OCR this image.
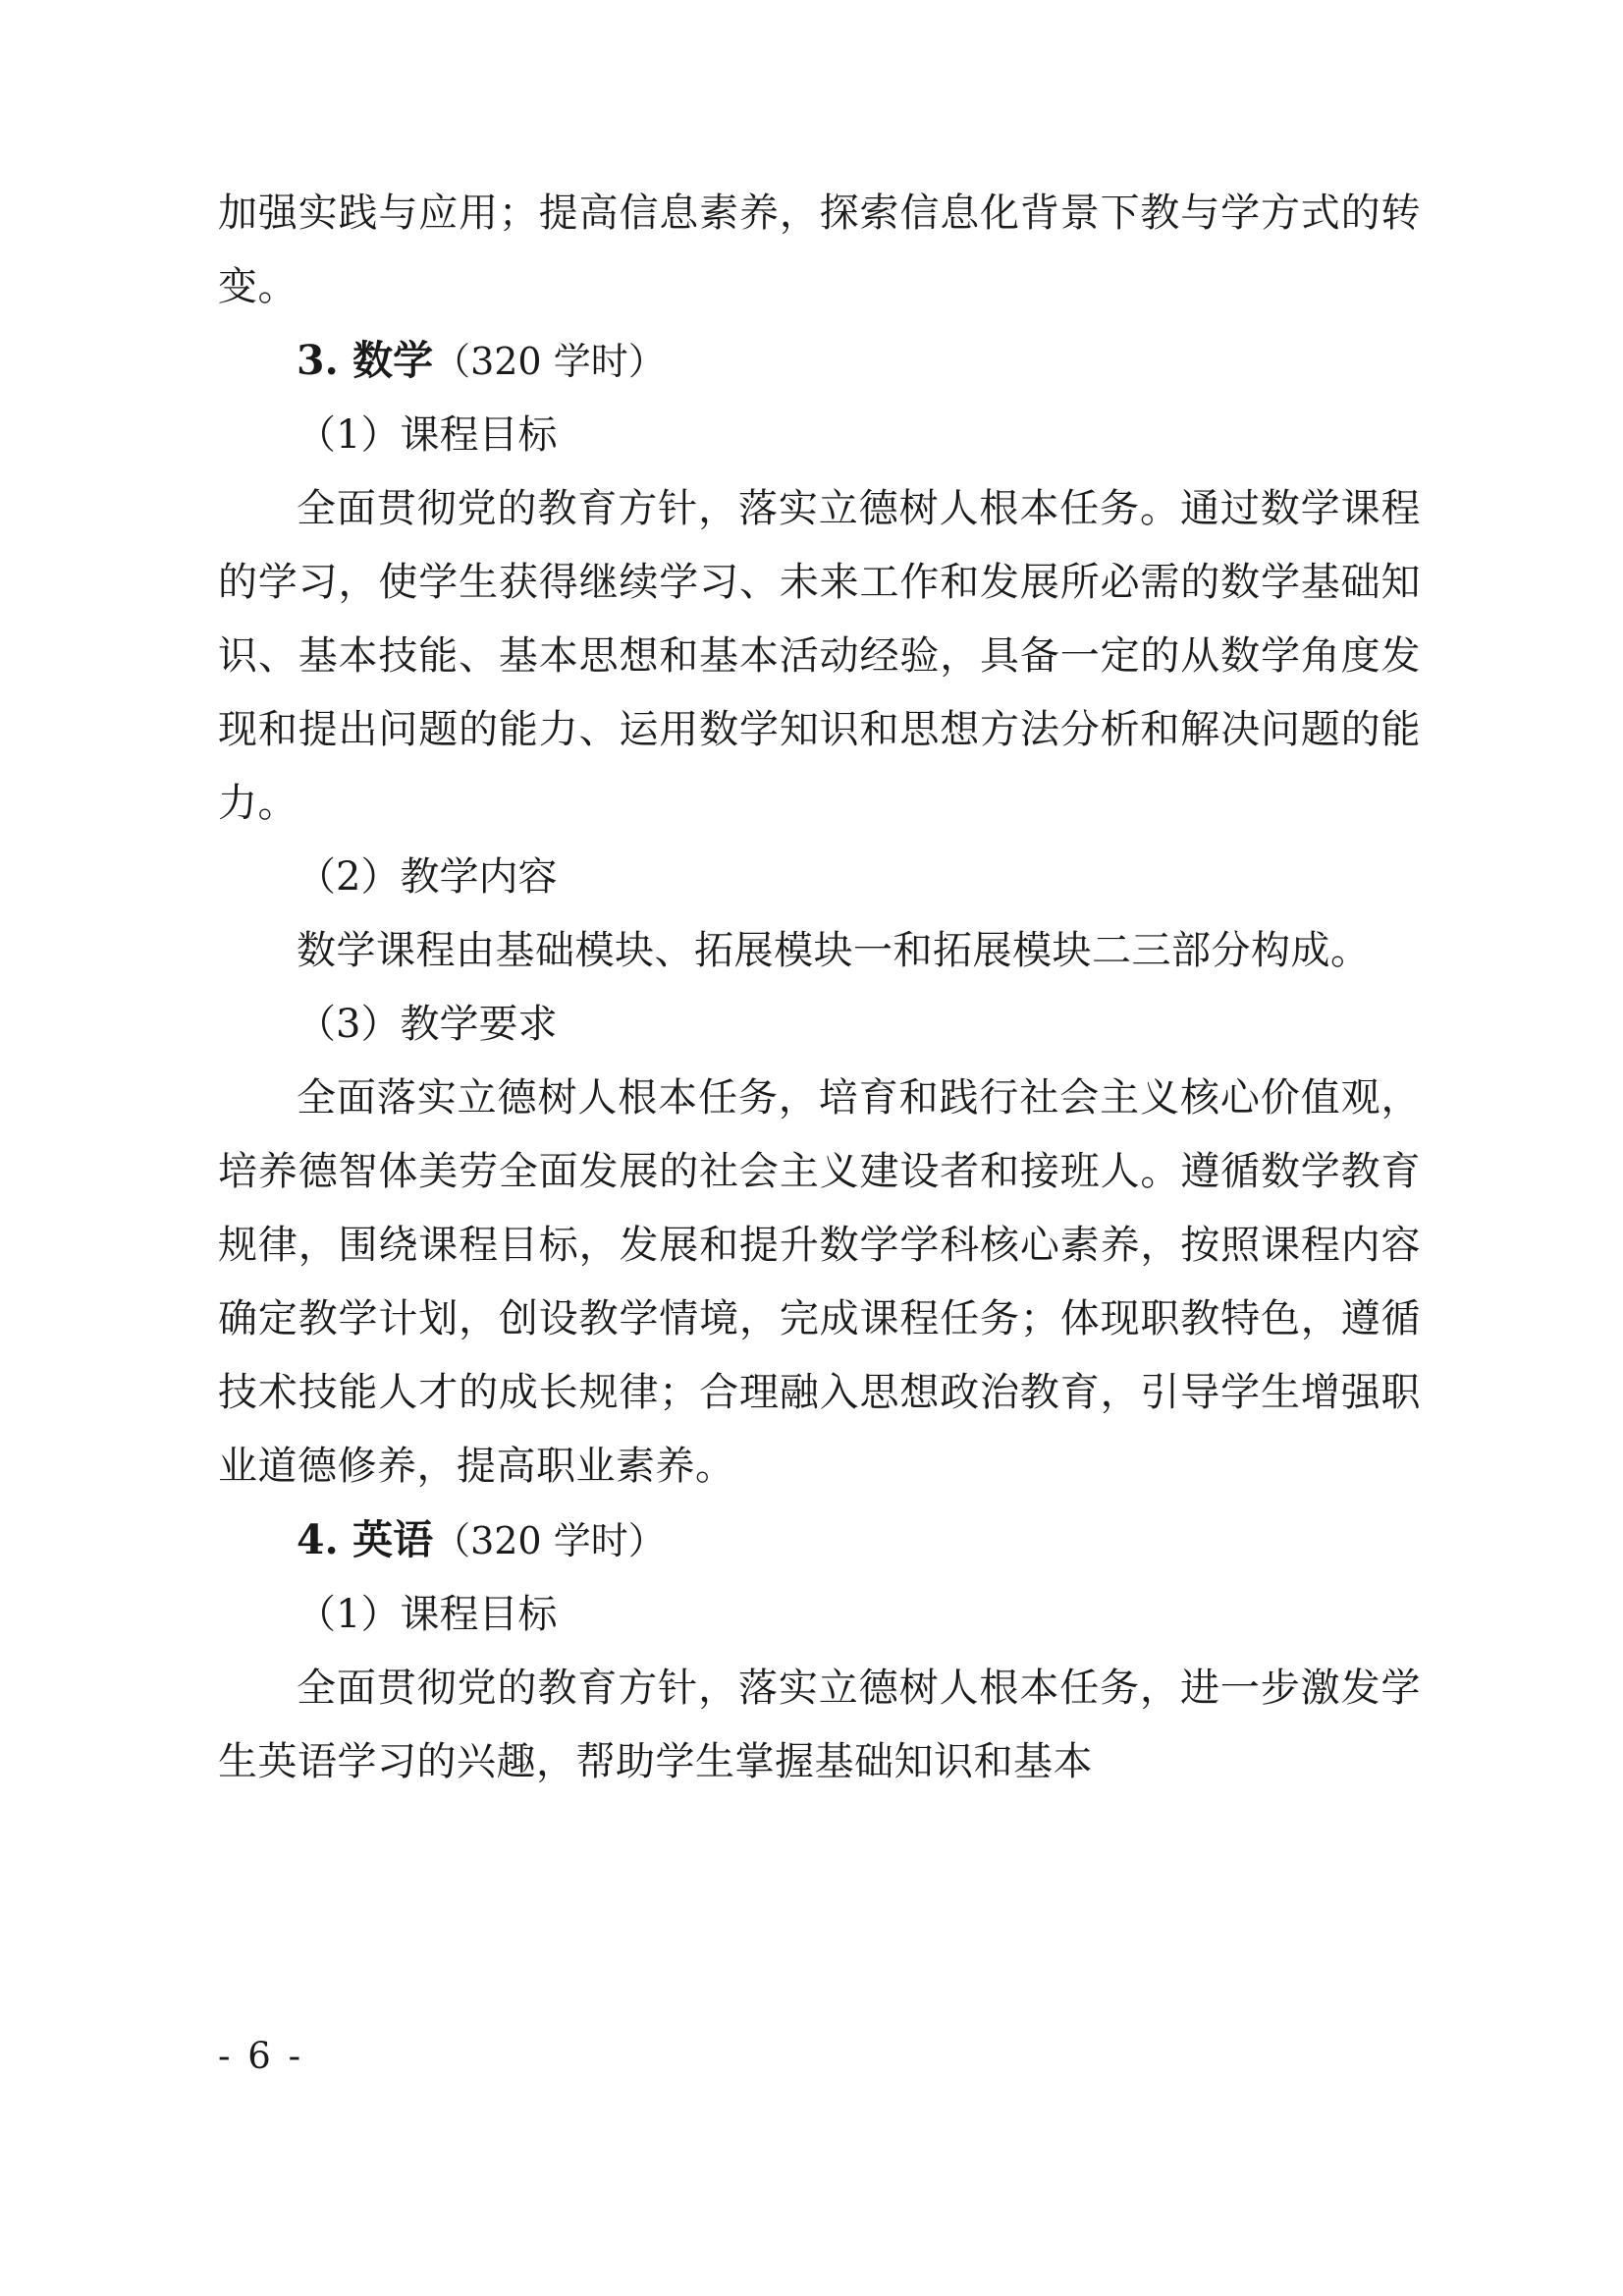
加强实践与应用；提高信息素养，探索信息化背景下教与学方式的转变。

3. 数学（320 学时）

（1）课程目标

全面贯彻党的教育方针，落实立德树人根本任务。通过数学课程的学习，使学生获得继续学习、未来工作和发展所必需的数学基础知识、基本技能、基本思想和基本活动经验，具备一定的从数学角度发现和提出问题的能力、运用数学知识和思想方法分析和解决问题的能力。

（2）教学内容

数学课程由基础模块、拓展模块一和拓展模块二三部分构成。

（3）教学要求

全面落实立德树人根本任务，培育和践行社会主义核心价值观，培养德智体美劳全面发展的社会主义建设者和接班人。遵循数学教育规律，围绕课程目标，发展和提升数学学科核心素养，按照课程内容确定教学计划，创设教学情境，完成课程任务；体现职教特色，遵循技术技能人才的成长规律；合理融入思想政治教育，引导学生增强职业道德修养，提高职业素养。

4. 英语（320 学时）

（1）课程目标

全面贯彻党的教育方针，落实立德树人根本任务，进一步激发学生英语学习的兴趣，帮助学生掌握基础知识和基本

- 6 -
